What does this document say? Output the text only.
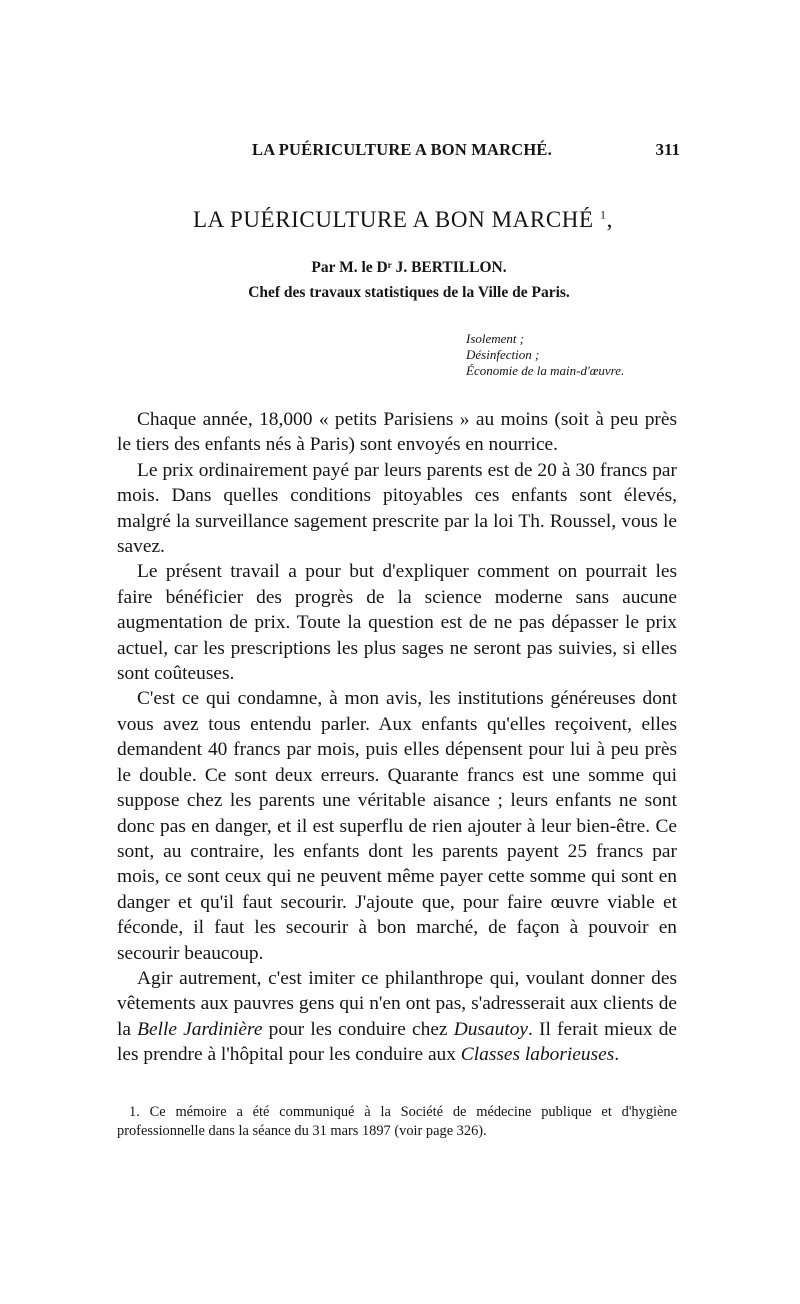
LA PUÉRICULTURE A BON MARCHÉ.	311
LA PUÉRICULTURE A BON MARCHÉ $^1$,
Par M. le Dʳ J. BERTILLON.
Chef des travaux statistiques de la Ville de Paris.
Isolement ;
Désinfection ;
Économie de la main-d'œuvre.

Chaque année, 18,000 « petits Parisiens » au moins (soit à peu près le tiers des enfants nés à Paris) sont envoyés en nourrice.

Le prix ordinairement payé par leurs parents est de 20 à 30 francs par mois. Dans quelles conditions pitoyables ces enfants sont élevés, malgré la surveillance sagement prescrite par la loi Th. Roussel, vous le savez.

Le présent travail a pour but d'expliquer comment on pourrait les faire bénéficier des progrès de la science moderne sans aucune augmentation de prix. Toute la question est de ne pas dépasser le prix actuel, car les prescriptions les plus sages ne seront pas suivies, si elles sont coûteuses.

C'est ce qui condamne, à mon avis, les institutions généreuses dont vous avez tous entendu parler. Aux enfants qu'elles reçoivent, elles demandent 40 francs par mois, puis elles dépensent pour lui à peu près le double. Ce sont deux erreurs. Quarante francs est une somme qui suppose chez les parents une véritable aisance ; leurs enfants ne sont donc pas en danger, et il est superflu de rien ajouter à leur bien-être. Ce sont, au contraire, les enfants dont les parents payent 25 francs par mois, ce sont ceux qui ne peuvent même payer cette somme qui sont en danger et qu'il faut secourir. J'ajoute que, pour faire œuvre viable et féconde, il faut les secourir à bon marché, de façon à pouvoir en secourir beaucoup.

Agir autrement, c'est imiter ce philanthrope qui, voulant donner des vêtements aux pauvres gens qui n'en ont pas, s'adresserait aux clients de la Belle Jardinière pour les conduire chez Dusautoy. Il ferait mieux de les prendre à l'hôpital pour les conduire aux Classes laborieuses.

1. Ce mémoire a été communiqué à la Société de médecine publique et d'hygiène professionnelle dans la séance du 31 mars 1897 (voir page 326).
